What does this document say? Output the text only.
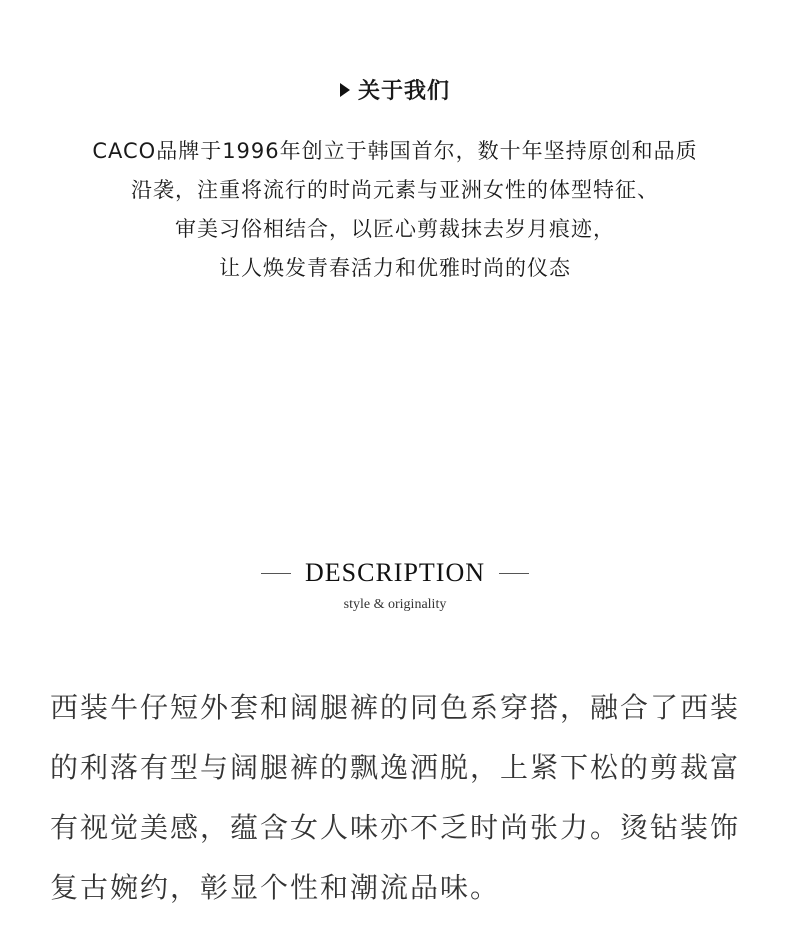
关于我们
CACO品牌于1996年创立于韩国首尔，数十年坚持原创和品质
沿袭，注重将流行的时尚元素与亚洲女性的体型特征、
审美习俗相结合，以匠心剪裁抹去岁月痕迹，
让人焕发青春活力和优雅时尚的仪态
DESCRIPTION
style & originality
西装牛仔短外套和阔腿裤的同色系穿搭，融合了西装
的利落有型与阔腿裤的飘逸洒脱，上紧下松的剪裁富
有视觉美感，蕴含女人味亦不乏时尚张力。烫钻装饰
复古婉约，彰显个性和潮流品味。
